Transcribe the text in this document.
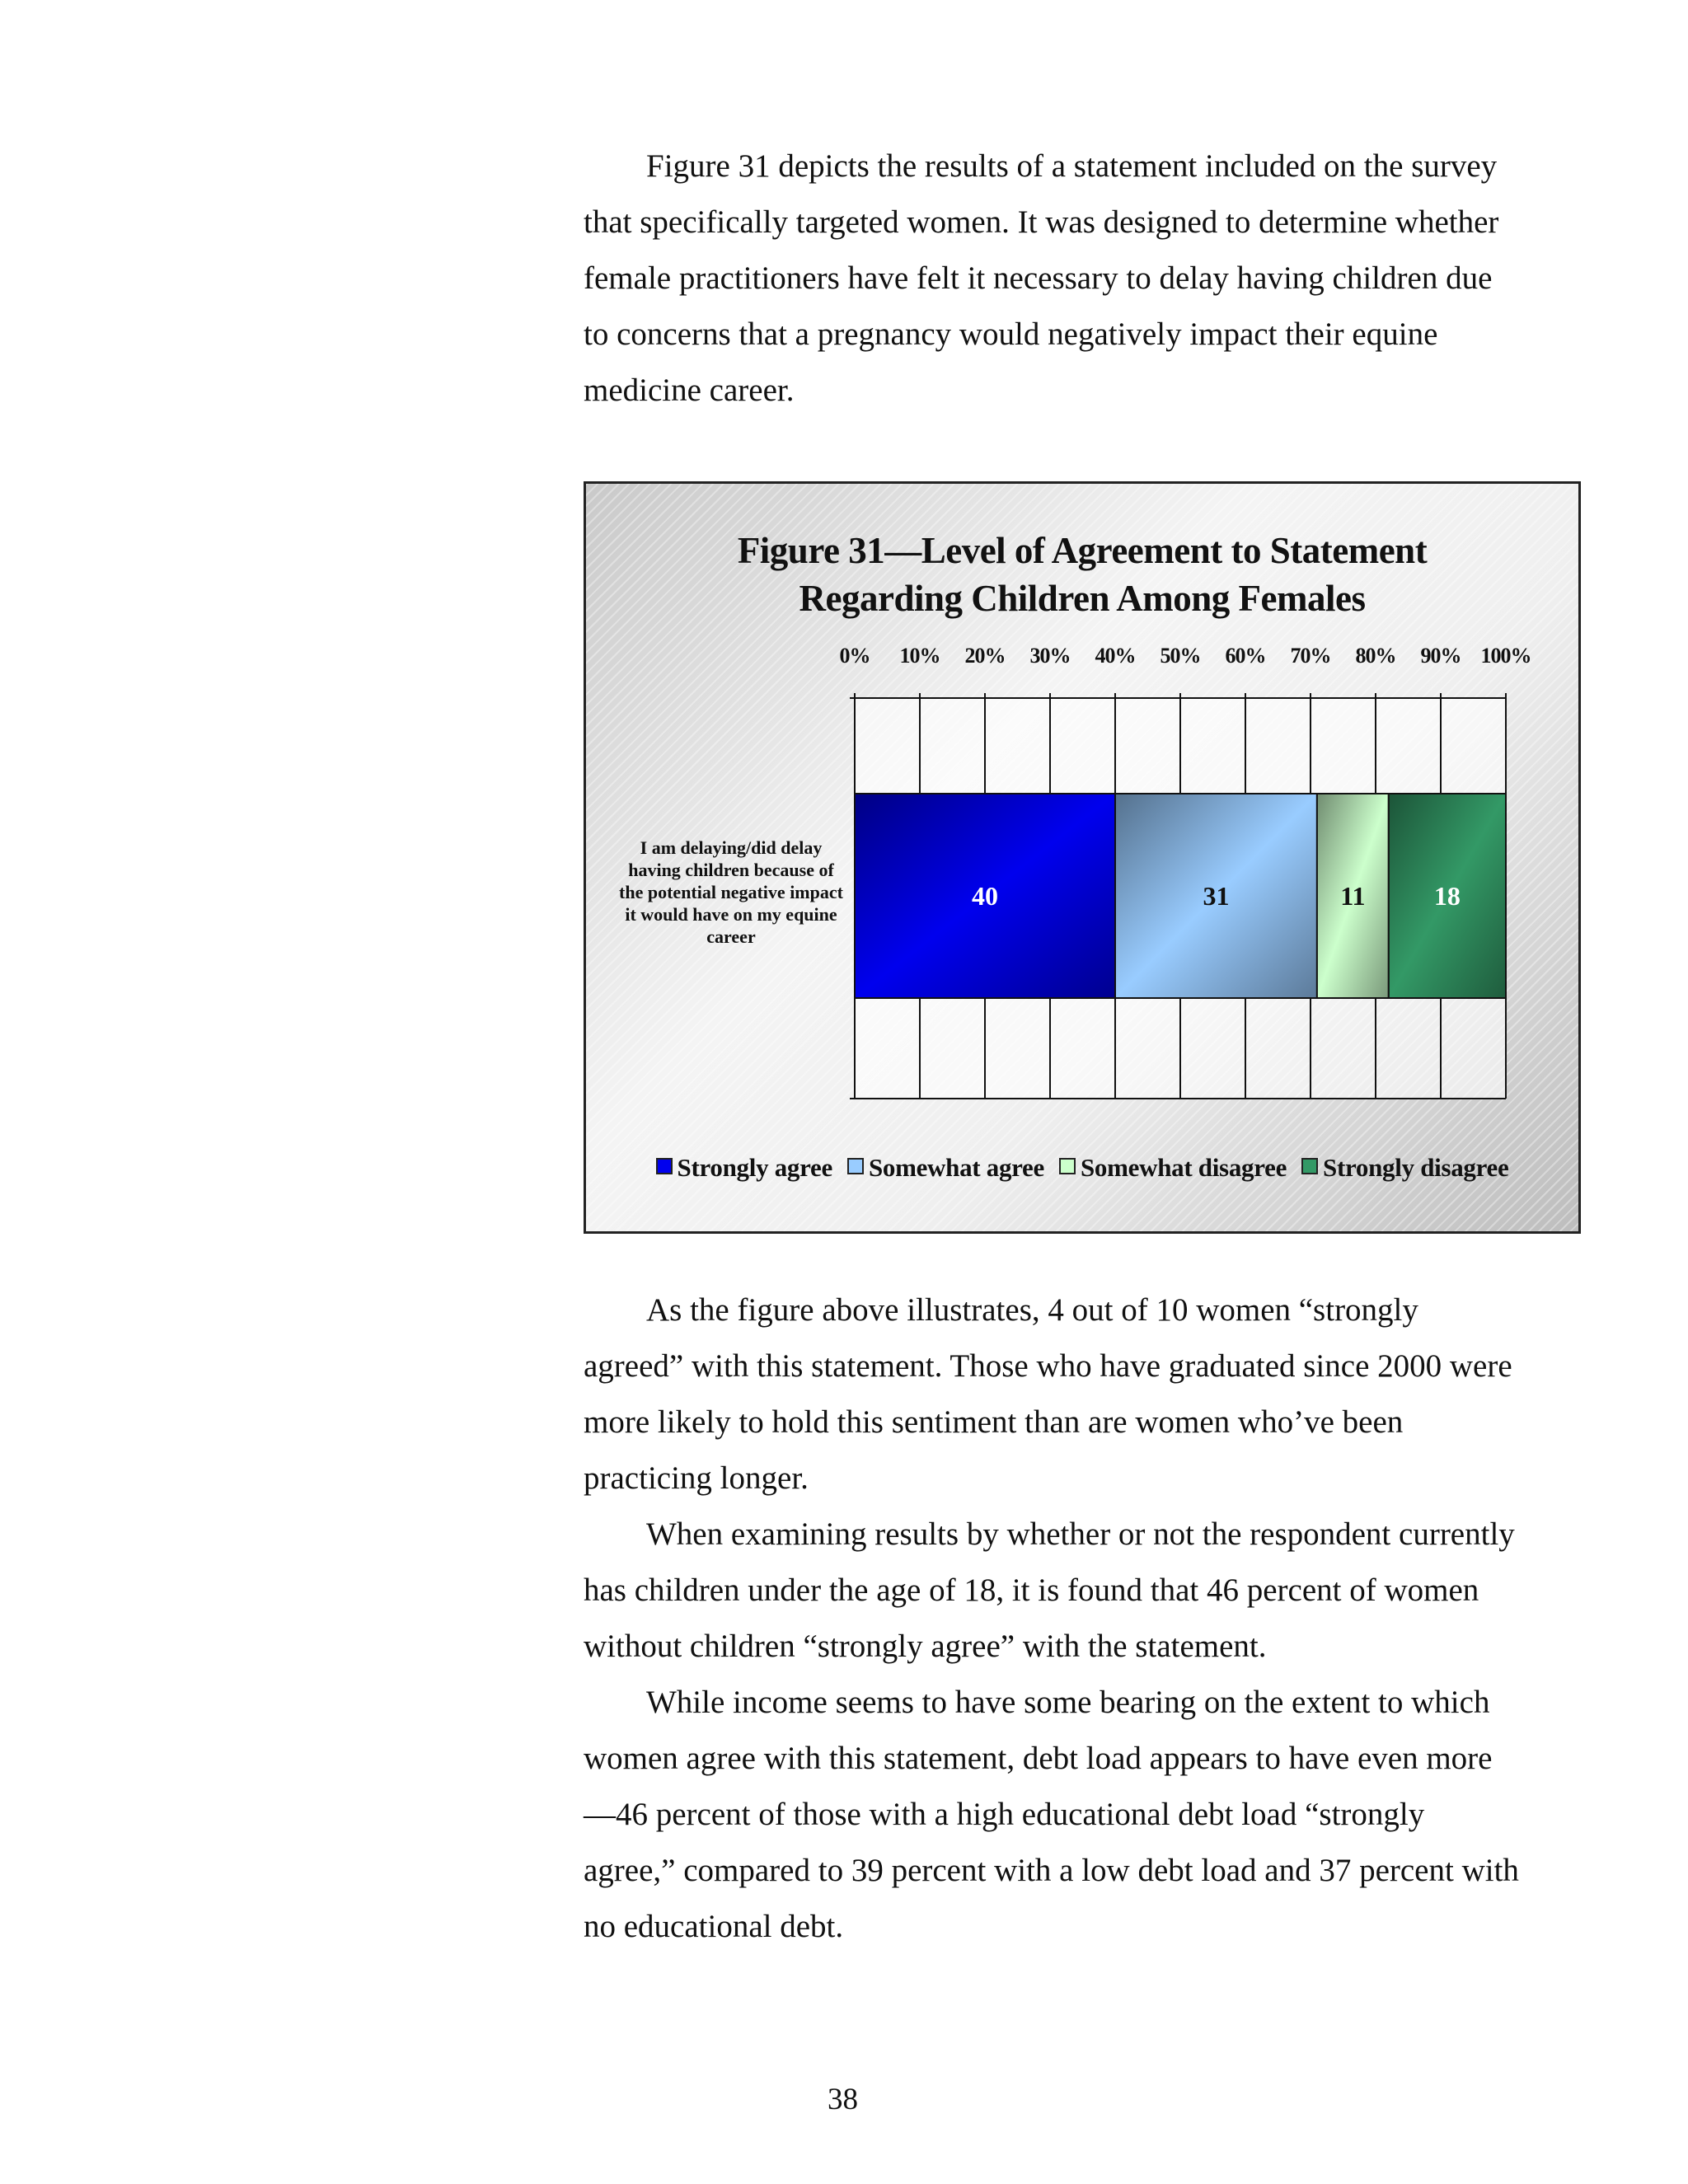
Figure 31 depicts the results of a statement included on the survey that specifically targeted women. It was designed to determine whether female practitioners have felt it necessary to delay having children due to concerns that a pregnancy would negatively impact their equine medicine career.

Figure 31—Level of Agreement to Statement
Regarding Children Among Females
0% 10% 20% 30% 40% 50% 60% 70% 80% 90% 100%
I am delaying/did delay having children because of the potential negative impact it would have on my equine career
40	31	11	18
Strongly agree Somewhat agree Somewhat disagree Strongly disagree

As the figure above illustrates, 4 out of 10 women “strongly agreed” with this statement. Those who have graduated since 2000 were more likely to hold this sentiment than are women who’ve been practicing longer.

When examining results by whether or not the respondent currently has children under the age of 18, it is found that 46 percent of women without children “strongly agree” with the statement.

While income seems to have some bearing on the extent to which women agree with this statement, debt load appears to have even more—46 percent of those with a high educational debt load “strongly agree,” compared to 39 percent with a low debt load and 37 percent with no educational debt.

38
